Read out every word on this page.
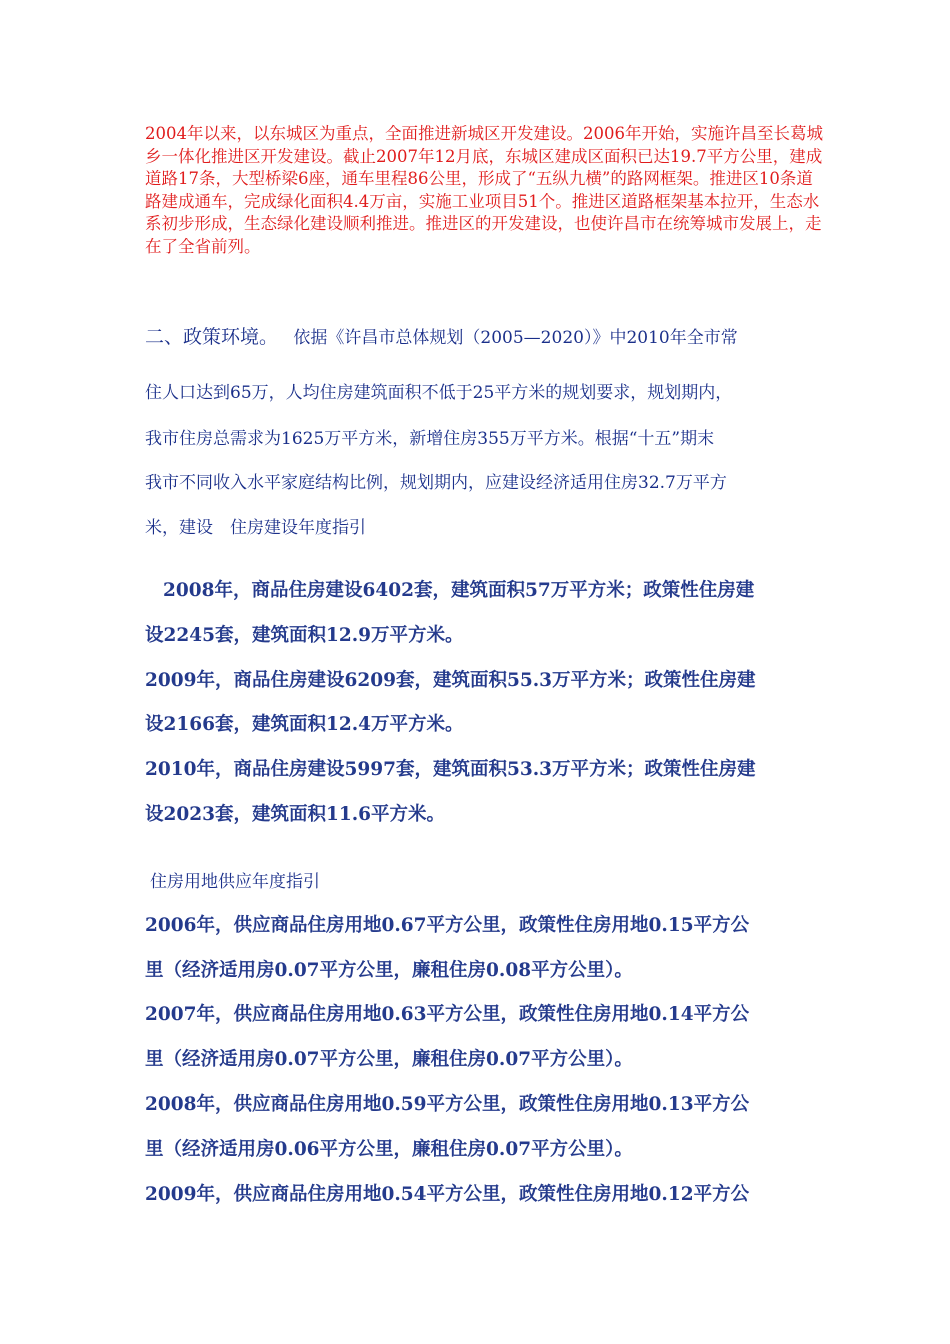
2004年以来，以东城区为重点，全面推进新城区开发建设。2006年开始，实施许昌至长葛城乡一体化推进区开发建设。截止2007年12月底，东城区建成区面积已达19.7平方公里，建成道路17条，大型桥梁6座，通车里程86公里，形成了“五纵九横”的路网框架。推进区10条道路建成通车，完成绿化面积4.4万亩，实施工业项目51个。推进区道路框架基本拉开，生态水系初步形成，生态绿化建设顺利推进。推进区的开发建设，也使许昌市在统筹城市发展上，走在了全省前列。

二、政策环境。 依据《许昌市总体规划（2005—2020）》中2010年全市常
住人口达到65万，人均住房建筑面积不低于25平方米的规划要求，规划期内，
我市住房总需求为1625万平方米，新增住房355万平方米。根据“十五”期末
我市不同收入水平家庭结构比例，规划期内，应建设经济适用住房32.7万平方
米，建设　住房建设年度指引
2008年，商品住房建设6402套，建筑面积57万平方米；政策性住房建
设2245套，建筑面积12.9万平方米。
2009年，商品住房建设6209套，建筑面积55.3万平方米；政策性住房建
设2166套，建筑面积12.4万平方米。
2010年，商品住房建设5997套，建筑面积53.3万平方米；政策性住房建
设2023套，建筑面积11.6平方米。
住房用地供应年度指引
2006年，供应商品住房用地0.67平方公里，政策性住房用地0.15平方公
里（经济适用房0.07平方公里，廉租住房0.08平方公里）。
2007年，供应商品住房用地0.63平方公里，政策性住房用地0.14平方公
里（经济适用房0.07平方公里，廉租住房0.07平方公里）。
2008年，供应商品住房用地0.59平方公里，政策性住房用地0.13平方公
里（经济适用房0.06平方公里，廉租住房0.07平方公里）。
2009年，供应商品住房用地0.54平方公里，政策性住房用地0.12平方公
